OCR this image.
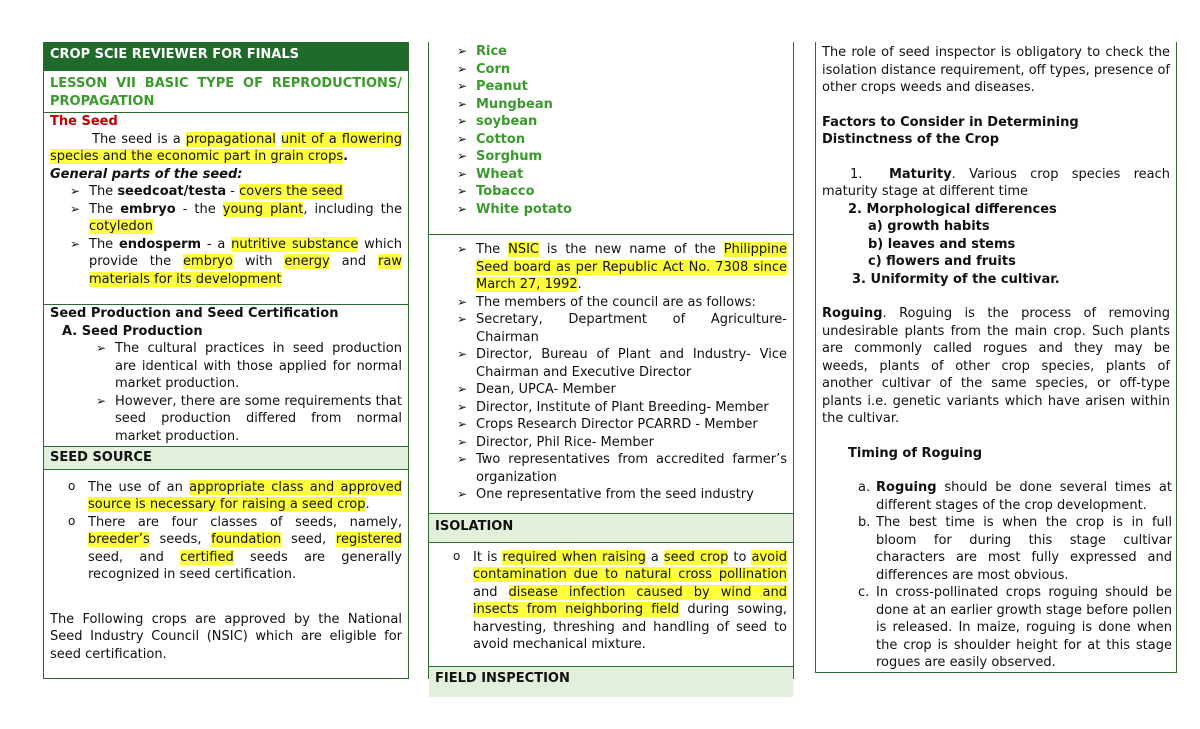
CROP SCIE REVIEWER FOR FINALS
LESSON VII BASIC TYPE OF REPRODUCTIONS/
PROPAGATION
The Seed
The seed is a propagational unit of a flowering species and the economic part in grain crops.
General parts of the seed:
➢ The seedcoat/testa - covers the seed
➢ The embryo - the young plant, including the cotyledon
➢ The endosperm - a nutritive substance which provide the embryo with energy and raw materials for its development
Seed Production and Seed Certification
A. Seed Production
➢ The cultural practices in seed production are identical with those applied for normal market production.
➢ However, there are some requirements that seed production differed from normal market production.
SEED SOURCE
o The use of an appropriate class and approved source is necessary for raising a seed crop.
o There are four classes of seeds, namely, breeder’s seeds, foundation seed, registered seed, and certified seeds are generally recognized in seed certification.
The Following crops are approved by the National Seed Industry Council (NSIC) which are eligible for seed certification.
➢ Rice
➢ Corn
➢ Peanut
➢ Mungbean
➢ soybean
➢ Cotton
➢ Sorghum
➢ Wheat
➢ Tobacco
➢ White potato
➢ The NSIC is the new name of the Philippine Seed board as per Republic Act No. 7308 since March 27, 1992.
➢ The members of the council are as follows:
➢ Secretary, Department of Agriculture- Chairman
➢ Director, Bureau of Plant and Industry- Vice Chairman and Executive Director
➢ Dean, UPCA- Member
➢ Director, Institute of Plant Breeding- Member
➢ Crops Research Director PCARRD - Member
➢ Director, Phil Rice- Member
➢ Two representatives from accredited farmer’s organization
➢ One representative from the seed industry
ISOLATION
o It is required when raising a seed crop to avoid contamination due to natural cross pollination and disease infection caused by wind and insects from neighboring field during sowing, harvesting, threshing and handling of seed to avoid mechanical mixture.
FIELD INSPECTION
The role of seed inspector is obligatory to check the isolation distance requirement, off types, presence of other crops weeds and diseases.
Factors to Consider in Determining Distinctness of the Crop
1. Maturity. Various crop species reach maturity stage at different time
2. Morphological differences
a) growth habits
b) leaves and stems
c) flowers and fruits
3. Uniformity of the cultivar.
Roguing. Roguing is the process of removing undesirable plants from the main crop. Such plants are commonly called rogues and they may be weeds, plants of other crop species, plants of another cultivar of the same species, or off-type plants i.e. genetic variants which have arisen within the cultivar.
Timing of Roguing
a. Roguing should be done several times at different stages of the crop development.
b. The best time is when the crop is in full bloom for during this stage cultivar characters are most fully expressed and differences are most obvious.
c. In cross-pollinated crops roguing should be done at an earlier growth stage before pollen is released. In maize, roguing is done when the crop is shoulder height for at this stage rogues are easily observed.
